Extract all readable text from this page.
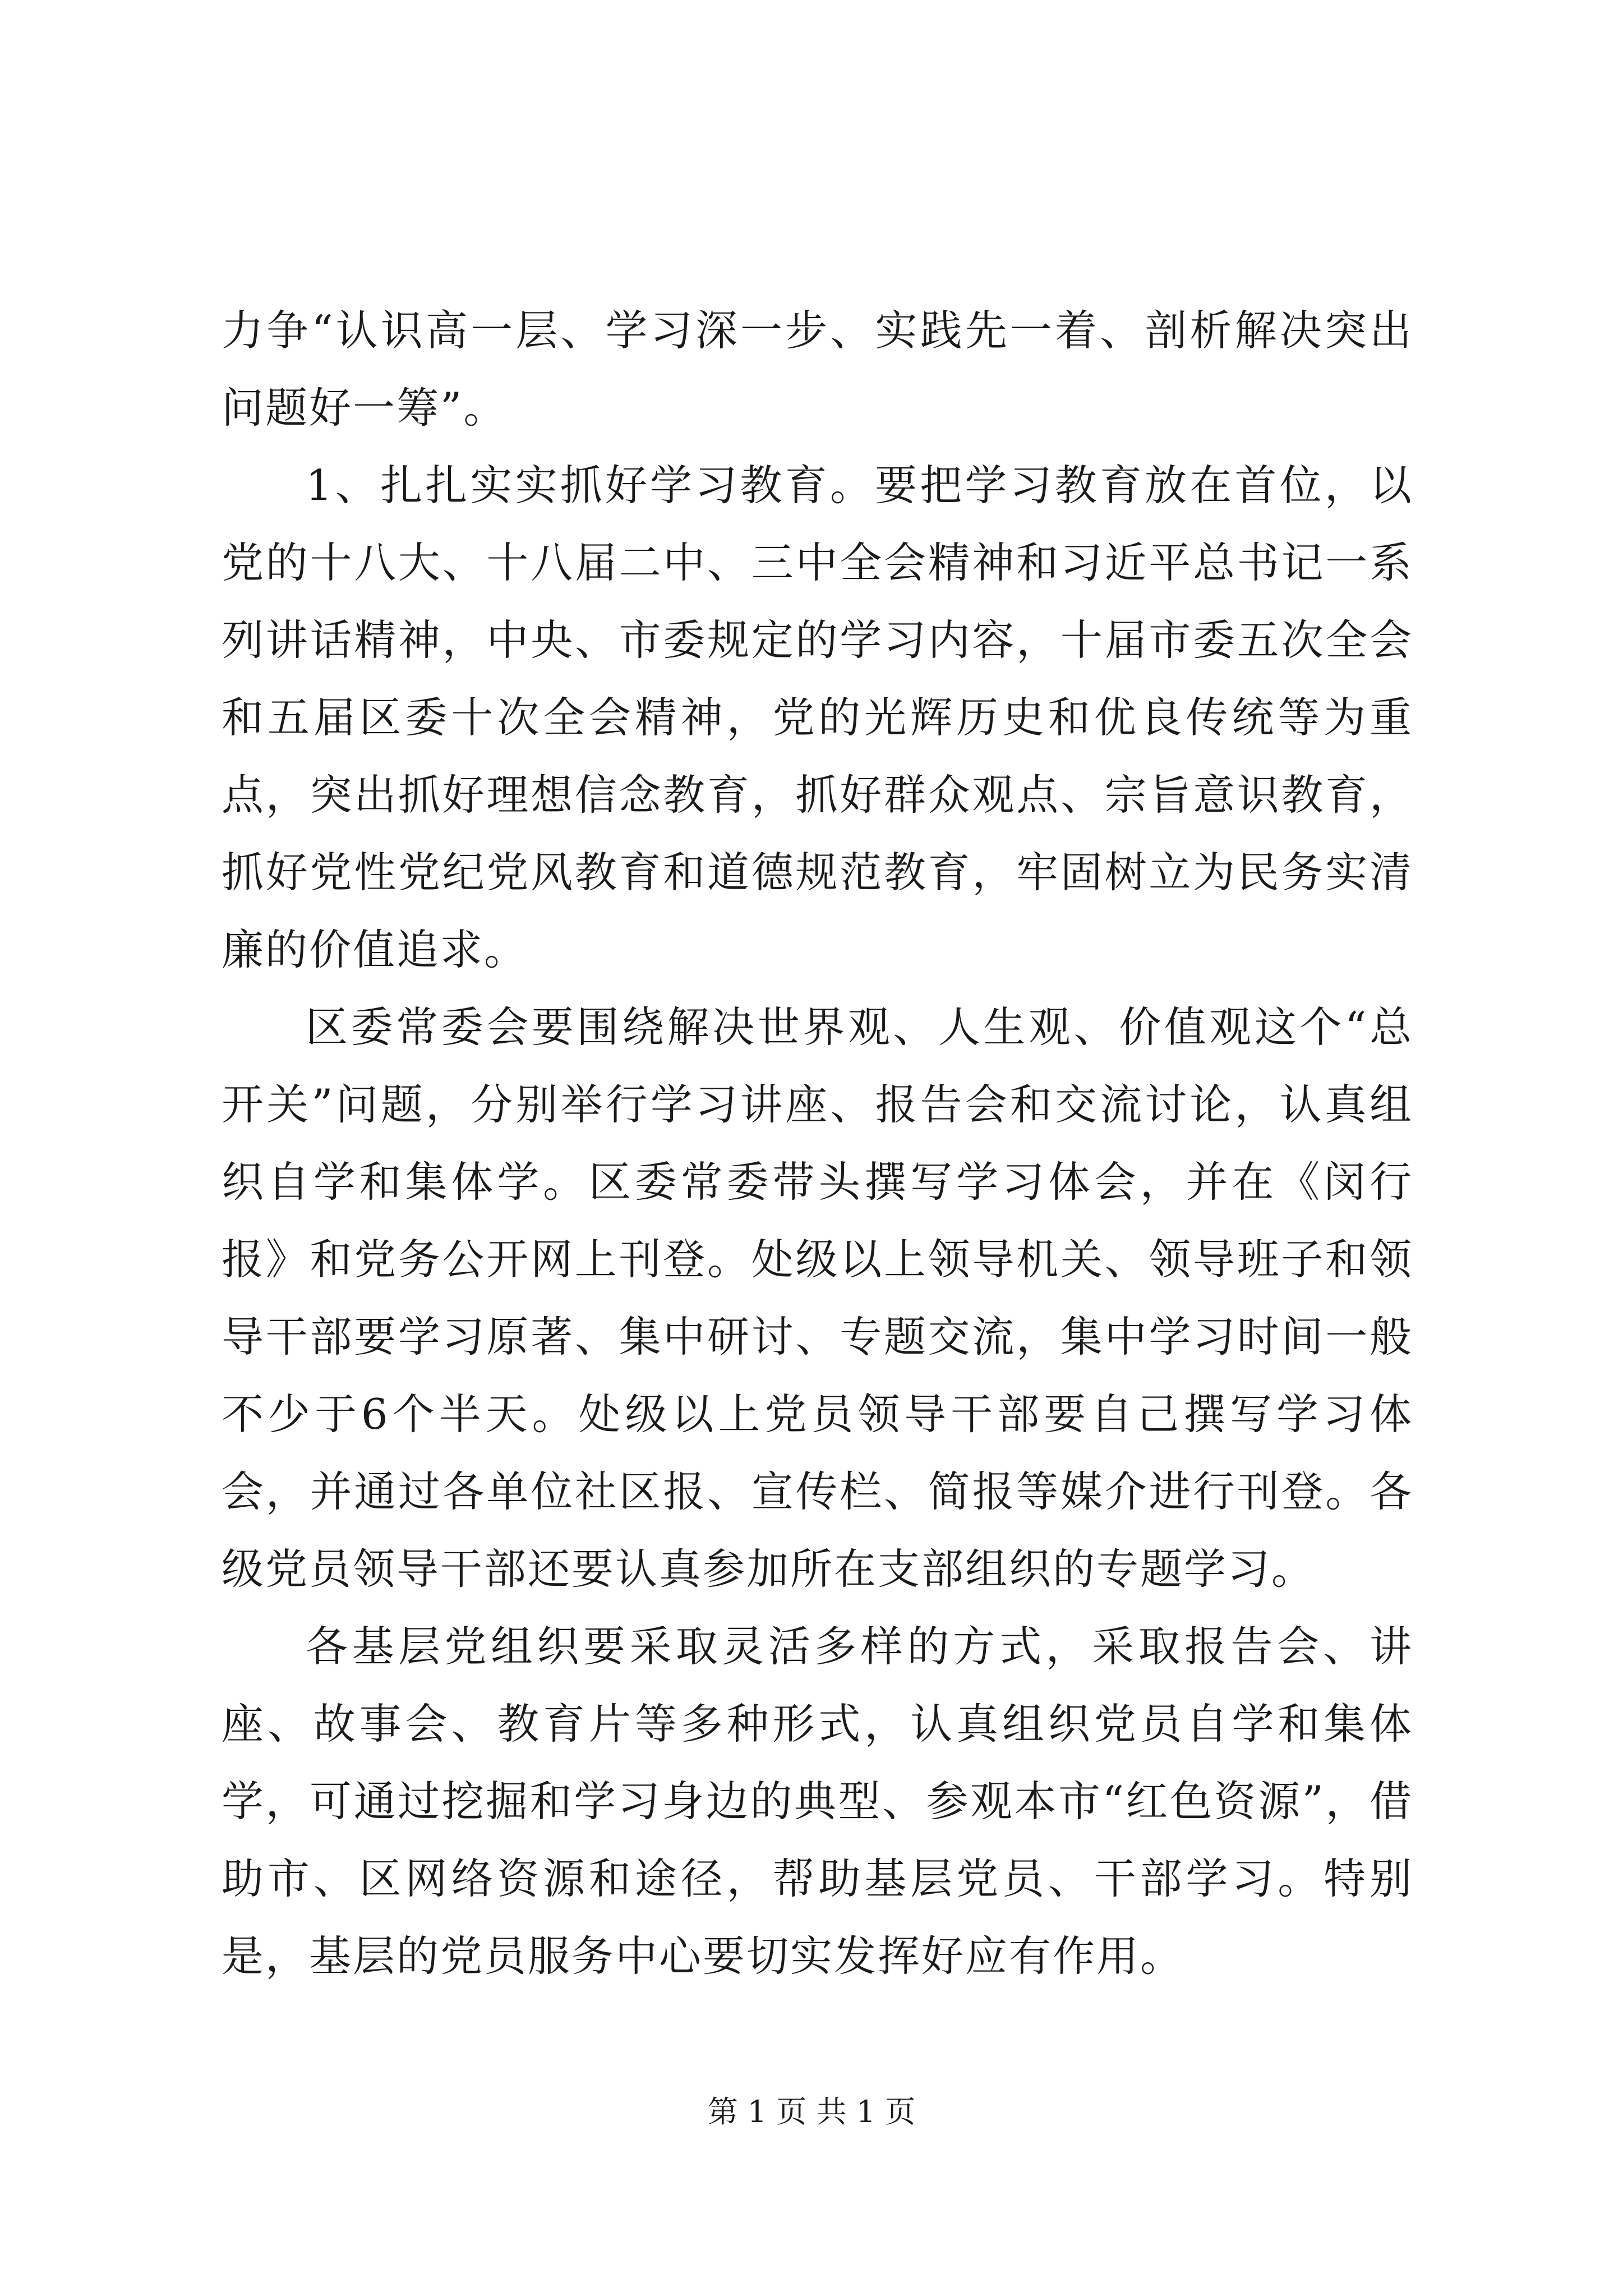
力争“认识高一层、学习深一步、实践先一着、剖析解决突出问题好一筹”。

1、扎扎实实抓好学习教育。要把学习教育放在首位，以党的十八大、十八届二中、三中全会精神和习近平总书记一系列讲话精神，中央、市委规定的学习内容，十届市委五次全会和五届区委十次全会精神，党的光辉历史和优良传统等为重点，突出抓好理想信念教育，抓好群众观点、宗旨意识教育，抓好党性党纪党风教育和道德规范教育，牢固树立为民务实清廉的价值追求。

区委常委会要围绕解决世界观、人生观、价值观这个“总开关”问题，分别举行学习讲座、报告会和交流讨论，认真组织自学和集体学。区委常委带头撰写学习体会，并在《闵行报》和党务公开网上刊登。处级以上领导机关、领导班子和领导干部要学习原著、集中研讨、专题交流，集中学习时间一般不少于6个半天。处级以上党员领导干部要自己撰写学习体会，并通过各单位社区报、宣传栏、简报等媒介进行刊登。各级党员领导干部还要认真参加所在支部组织的专题学习。

各基层党组织要采取灵活多样的方式，采取报告会、讲座、故事会、教育片等多种形式，认真组织党员自学和集体学，可通过挖掘和学习身边的典型、参观本市“红色资源”，借助市、区网络资源和途径，帮助基层党员、干部学习。特别是，基层的党员服务中心要切实发挥好应有作用。

第 1 页 共 1 页
